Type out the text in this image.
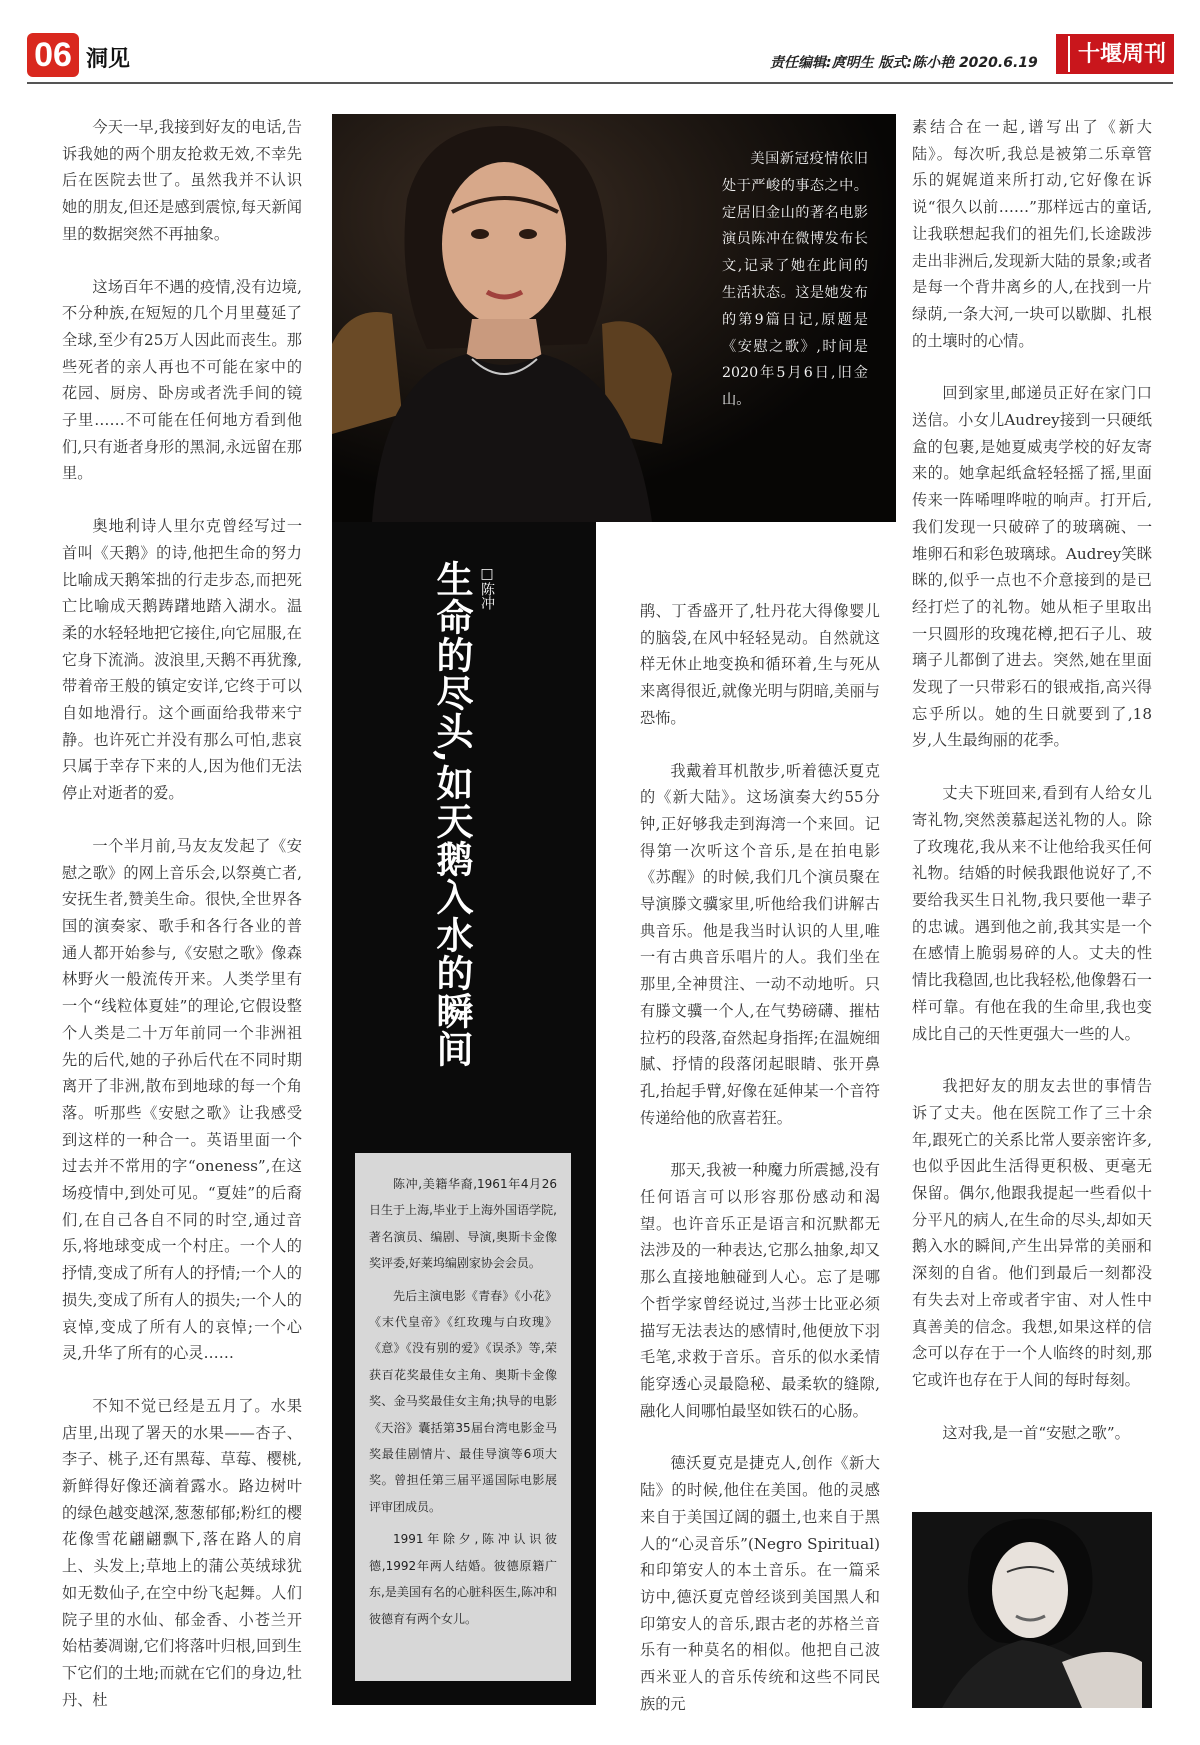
06 洞见	责任编辑:庹明生 版式:陈小艳 2020.6.19	十堰周刊

今天一早,我接到好友的电话,告诉我她的两个朋友抢救无效,不幸先后在医院去世了。虽然我并不认识她的朋友,但还是感到震惊,每天新闻里的数据突然不再抽象。

这场百年不遇的疫情,没有边境,不分种族,在短短的几个月里蔓延了全球,至少有25万人因此而丧生。那些死者的亲人再也不可能在家中的花园、厨房、卧房或者洗手间的镜子里……不可能在任何地方看到他们,只有逝者身形的黑洞,永远留在那里。

奥地利诗人里尔克曾经写过一首叫《天鹅》的诗,他把生命的努力比喻成天鹅笨拙的行走步态,而把死亡比喻成天鹅踌躇地踏入湖水。温柔的水轻轻地把它接住,向它屈服,在它身下流淌。波浪里,天鹅不再犹豫,带着帝王般的镇定安详,它终于可以自如地滑行。这个画面给我带来宁静。也许死亡并没有那么可怕,悲哀只属于幸存下来的人,因为他们无法停止对逝者的爱。

一个半月前,马友友发起了《安慰之歌》的网上音乐会,以祭奠亡者,安抚生者,赞美生命。很快,全世界各国的演奏家、歌手和各行各业的普通人都开始参与,《安慰之歌》像森林野火一般流传开来。人类学里有一个“线粒体夏娃”的理论,它假设整个人类是二十万年前同一个非洲祖先的后代,她的子孙后代在不同时期离开了非洲,散布到地球的每一个角落。听那些《安慰之歌》让我感受到这样的一种合一。英语里面一个过去并不常用的字“oneness”,在这场疫情中,到处可见。“夏娃”的后裔们,在自己各自不同的时空,通过音乐,将地球变成一个村庄。一个人的抒情,变成了所有人的抒情;一个人的损失,变成了所有人的损失;一个人的哀悼,变成了所有人的哀悼;一个心灵,升华了所有的心灵……

不知不觉已经是五月了。水果店里,出现了署天的水果——杏子、李子、桃子,还有黑莓、草莓、樱桃,新鲜得好像还滴着露水。路边树叶的绿色越变越深,葱葱郁郁;粉红的樱花像雪花翩翩飘下,落在路人的肩上、头发上;草地上的蒲公英绒球犹如无数仙子,在空中纷飞起舞。人们院子里的水仙、郁金香、小苍兰开始枯萎凋谢,它们将落叶归根,回到生下它们的土地;而就在它们的身边,牡丹、杜

美国新冠疫情依旧处于严峻的事态之中。定居旧金山的著名电影演员陈冲在微博发布长文,记录了她在此间的生活状态。这是她发布的第9篇日记,原题是《安慰之歌》,时间是2020年5月6日,旧金山。

生命的尽头,如天鹅入水的瞬间 □陈冲

陈冲,美籍华裔,1961年4月26日生于上海,毕业于上海外国语学院,著名演员、编剧、导演,奥斯卡金像奖评委,好莱坞编剧家协会会员。

先后主演电影《青春》《小花》《末代皇帝》《红玫瑰与白玫瑰》《意》《没有别的爱》《误杀》等,荣获百花奖最佳女主角、奥斯卡金像奖、金马奖最佳女主角;执导的电影《天浴》囊括第35届台湾电影金马奖最佳剧情片、最佳导演等6项大奖。曾担任第三届平遥国际电影展评审团成员。

1991年除夕,陈冲认识彼德,1992年两人结婚。彼德原籍广东,是美国有名的心脏科医生,陈冲和彼德育有两个女儿。

鹃、丁香盛开了,牡丹花大得像婴儿的脑袋,在风中轻轻晃动。自然就这样无休止地变换和循环着,生与死从来离得很近,就像光明与阴暗,美丽与恐怖。

我戴着耳机散步,听着德沃夏克的《新大陆》。这场演奏大约55分钟,正好够我走到海湾一个来回。记得第一次听这个音乐,是在拍电影《苏醒》的时候,我们几个演员聚在导演滕文骥家里,听他给我们讲解古典音乐。他是我当时认识的人里,唯一有古典音乐唱片的人。我们坐在那里,全神贯注、一动不动地听。只有滕文骥一个人,在气势磅礴、摧枯拉朽的段落,奋然起身指挥;在温婉细腻、抒情的段落闭起眼睛、张开鼻孔,抬起手臂,好像在延伸某一个音符传递给他的欣喜若狂。

那天,我被一种魔力所震撼,没有任何语言可以形容那份感动和渴望。也许音乐正是语言和沉默都无法涉及的一种表达,它那么抽象,却又那么直接地触碰到人心。忘了是哪个哲学家曾经说过,当莎士比亚必须描写无法表达的感情时,他便放下羽毛笔,求救于音乐。音乐的似水柔情能穿透心灵最隐秘、最柔软的缝隙,融化人间哪怕最坚如铁石的心肠。

德沃夏克是捷克人,创作《新大陆》的时候,他住在美国。他的灵感来自于美国辽阔的疆土,也来自于黑人的“心灵音乐”(Negro Spiritual)和印第安人的本土音乐。在一篇采访中,德沃夏克曾经谈到美国黑人和印第安人的音乐,跟古老的苏格兰音乐有一种莫名的相似。他把自己波西米亚人的音乐传统和这些不同民族的元

素结合在一起,谱写出了《新大陆》。每次听,我总是被第二乐章管乐的娓娓道来所打动,它好像在诉说“很久以前……”那样远古的童话,让我联想起我们的祖先们,长途跋涉走出非洲后,发现新大陆的景象;或者是每一个背井离乡的人,在找到一片绿荫,一条大河,一块可以歇脚、扎根的土壤时的心情。

回到家里,邮递员正好在家门口送信。小女儿Audrey接到一只硬纸盒的包裹,是她夏威夷学校的好友寄来的。她拿起纸盒轻轻摇了摇,里面传来一阵唏哩哗啦的响声。打开后,我们发现一只破碎了的玻璃碗、一堆卵石和彩色玻璃球。Audrey笑眯眯的,似乎一点也不介意接到的是已经打烂了的礼物。她从柜子里取出一只圆形的玫瑰花樽,把石子儿、玻璃子儿都倒了进去。突然,她在里面发现了一只带彩石的银戒指,高兴得忘乎所以。她的生日就要到了,18岁,人生最绚丽的花季。

丈夫下班回来,看到有人给女儿寄礼物,突然羡慕起送礼物的人。除了玫瑰花,我从来不让他给我买任何礼物。结婚的时候我跟他说好了,不要给我买生日礼物,我只要他一辈子的忠诚。遇到他之前,我其实是一个在感情上脆弱易碎的人。丈夫的性情比我稳固,也比我轻松,他像磐石一样可靠。有他在我的生命里,我也变成比自己的天性更强大一些的人。

我把好友的朋友去世的事情告诉了丈夫。他在医院工作了三十余年,跟死亡的关系比常人要亲密许多,也似乎因此生活得更积极、更毫无保留。偶尔,他跟我提起一些看似十分平凡的病人,在生命的尽头,却如天鹅入水的瞬间,产生出异常的美丽和深刻的自省。他们到最后一刻都没有失去对上帝或者宇宙、对人性中真善美的信念。我想,如果这样的信念可以存在于一个人临终的时刻,那它或许也存在于人间的每时每刻。

这对我,是一首“安慰之歌”。
